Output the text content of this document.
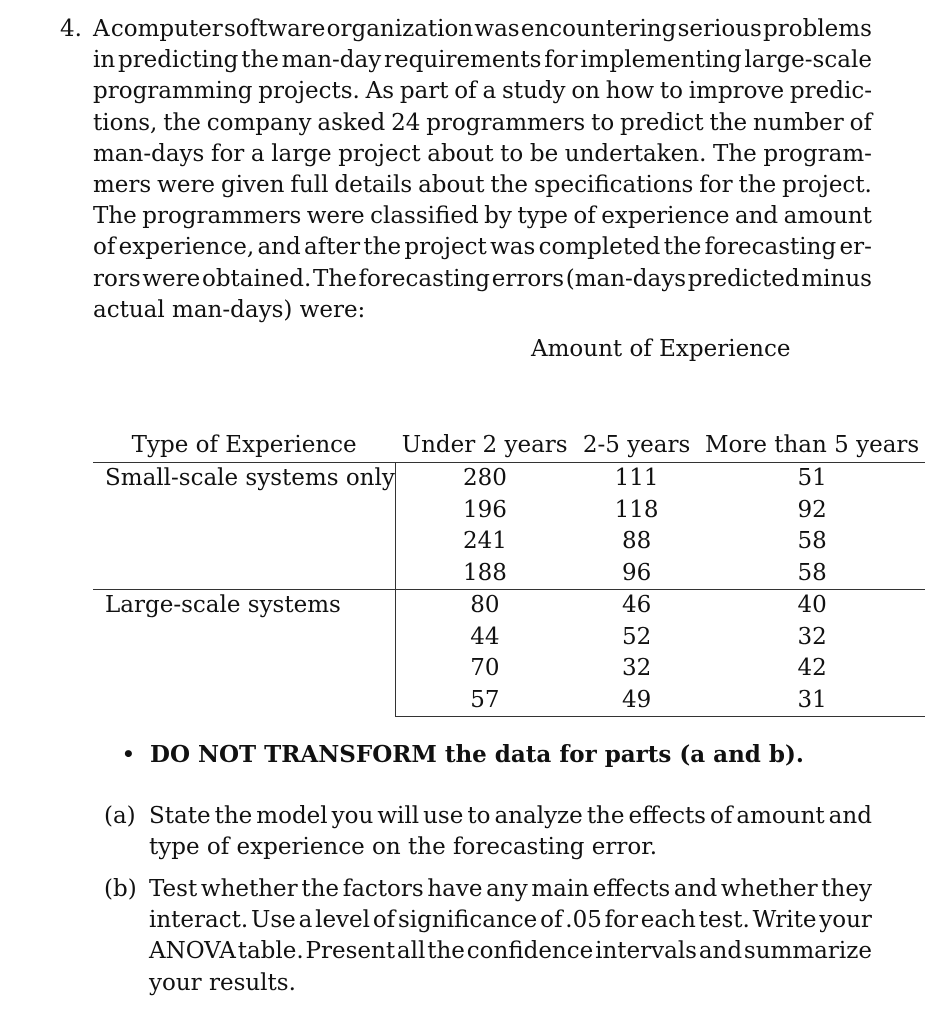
4. A computer software organization was encountering serious problems
in predicting the man-day requirements for implementing large-scale
programming projects. As part of a study on how to improve predic-
tions, the company asked 24 programmers to predict the number of
man-days for a large project about to be undertaken. The program-
mers were given full details about the specifications for the project.
The programmers were classified by type of experience and amount
of experience, and after the project was completed the forecasting er-
rors were obtained. The forecasting errors (man-days predicted minus
actual man-days) were:
Amount of Experience
Type of Experience	Under 2 years	2-5 years	More than 5 years
Small-scale systems only	280	111	51
	196	118	92
	241	88	58
	188	96	58
Large-scale systems	80	46	40
	44	52	32
	70	32	42
	57	49	31
• DO NOT TRANSFORM the data for parts (a and b).
(a) State the model you will use to analyze the effects of amount and
type of experience on the forecasting error.
(b) Test whether the factors have any main effects and whether they
interact. Use a level of significance of .05 for each test. Write your
ANOVA table. Present all the confidence intervals and summarize
your results.
